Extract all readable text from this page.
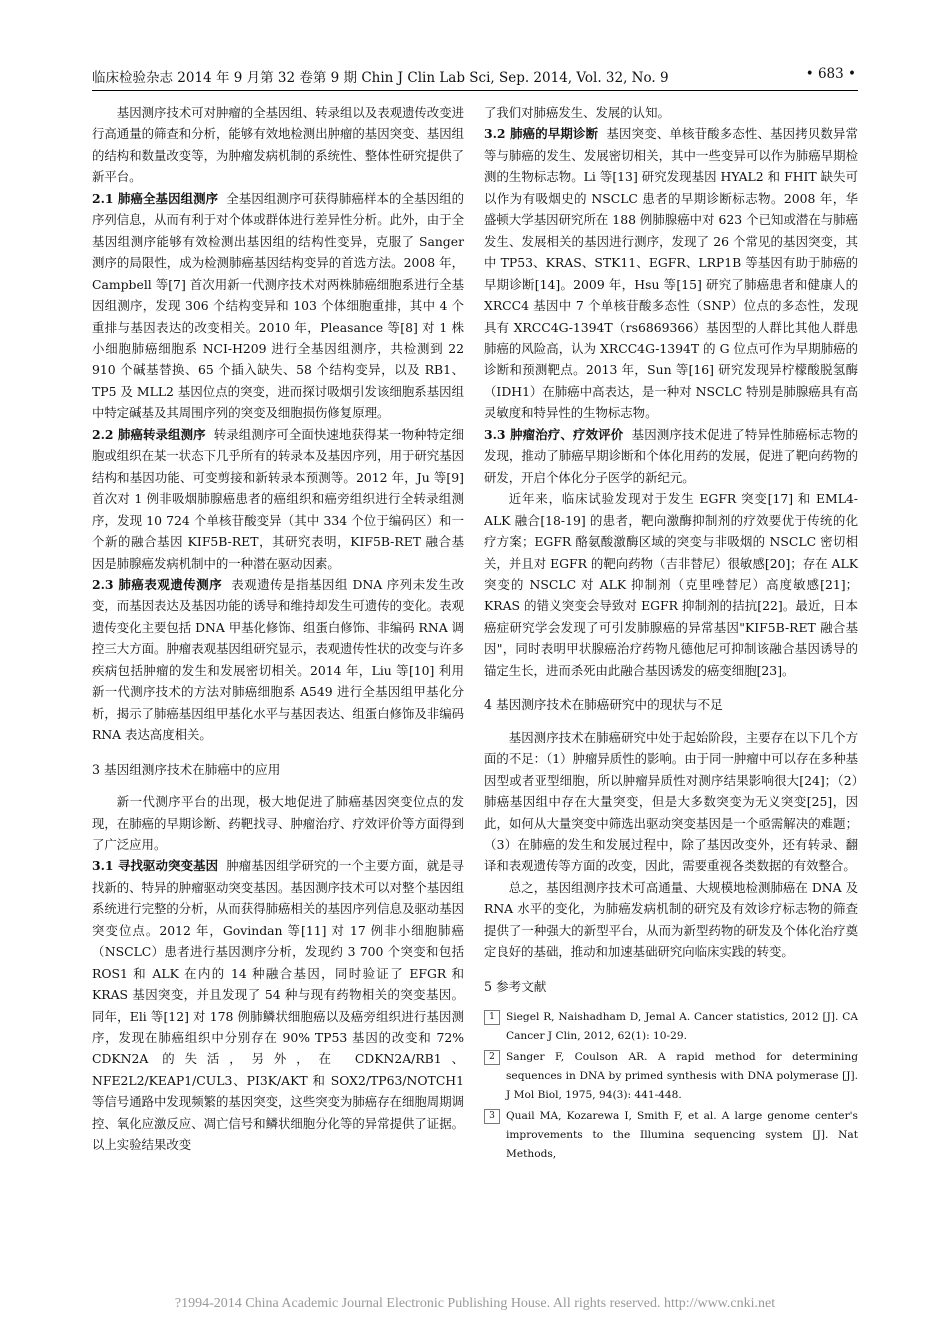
临床检验杂志 2014 年 9 月第 32 卷第 9 期 Chin J Clin Lab Sci, Sep. 2014, Vol. 32, No. 9	• 683 •

基因测序技术可对肿瘤的全基因组、转录组以及表观遗传改变进行高通量的筛查和分析，能够有效地检测出肿瘤的基因突变、基因组的结构和数量改变等，为肿瘤发病机制的系统性、整体性研究提供了新平台。

2.1 肺癌全基因组测序 全基因组测序可获得肺癌样本的全基因组的序列信息，从而有利于对个体或群体进行差异性分析。此外，由于全基因组测序能够有效检测出基因组的结构性变异，克服了 Sanger 测序的局限性，成为检测肺癌基因结构变异的首选方法。2008 年，Campbell 等[7] 首次用新一代测序技术对两株肺癌细胞系进行全基因组测序，发现 306 个结构变异和 103 个体细胞重排，其中 4 个重排与基因表达的改变相关。2010 年，Pleasance 等[8] 对 1 株小细胞肺癌细胞系 NCI-H209 进行全基因组测序，共检测到 22 910 个碱基替换、65 个插入缺失、58 个结构变异，以及 RB1、TP5 及 MLL2 基因位点的突变，进而探讨吸烟引发该细胞系基因组中特定碱基及其周围序列的突变及细胞损伤修复原理。

2.2 肺癌转录组测序 转录组测序可全面快速地获得某一物种特定细胞或组织在某一状态下几乎所有的转录本及基因序列，用于研究基因结构和基因功能、可变剪接和新转录本预测等。2012 年，Ju 等[9] 首次对 1 例非吸烟肺腺癌患者的癌组织和癌旁组织进行全转录组测序，发现 10 724 个单核苷酸变异（其中 334 个位于编码区）和一个新的融合基因 KIF5B-RET，其研究表明，KIF5B-RET 融合基因是肺腺癌发病机制中的一种潜在驱动因素。

2.3 肺癌表观遗传测序 表观遗传是指基因组 DNA 序列未发生改变，而基因表达及基因功能的诱导和维持却发生可遗传的变化。表观遗传变化主要包括 DNA 甲基化修饰、组蛋白修饰、非编码 RNA 调控三大方面。肿瘤表观基因组研究显示，表观遗传性状的改变与许多疾病包括肿瘤的发生和发展密切相关。2014 年，Liu 等[10] 利用新一代测序技术的方法对肺癌细胞系 A549 进行全基因组甲基化分析，揭示了肺癌基因组甲基化水平与基因表达、组蛋白修饰及非编码 RNA 表达高度相关。

3 基因组测序技术在肺癌中的应用

新一代测序平台的出现，极大地促进了肺癌基因突变位点的发现，在肺癌的早期诊断、药靶找寻、肿瘤治疗、疗效评价等方面得到了广泛应用。

3.1 寻找驱动突变基因 肿瘤基因组学研究的一个主要方面，就是寻找新的、特异的肿瘤驱动突变基因。基因测序技术可以对整个基因组系统进行完整的分析，从而获得肺癌相关的基因序列信息及驱动基因突变位点。2012 年，Govindan 等[11] 对 17 例非小细胞肺癌（NSCLC）患者进行基因测序分析，发现约 3 700 个突变和包括 ROS1 和 ALK 在内的 14 种融合基因，同时验证了 EFGR 和 KRAS 基因突变，并且发现了 54 种与现有药物相关的突变基因。同年，Eli 等[12] 对 178 例肺鳞状细胞癌以及癌旁组织进行基因测序，发现在肺癌组织中分别存在 90% TP53 基因的改变和 72% CDKN2A 的失活，另外，在 CDKN2A/RB1、NFE2L2/KEAP1/CUL3、PI3K/AKT 和 SOX2/TP63/NOTCH1 等信号通路中发现频繁的基因突变，这些突变为肺癌存在细胞周期调控、氧化应激反应、凋亡信号和鳞状细胞分化等的异常提供了证据。以上实验结果改变

了我们对肺癌发生、发展的认知。

3.2 肺癌的早期诊断 基因突变、单核苷酸多态性、基因拷贝数异常等与肺癌的发生、发展密切相关，其中一些变异可以作为肺癌早期检测的生物标志物。Li 等[13] 研究发现基因 HYAL2 和 FHIT 缺失可以作为有吸烟史的 NSCLC 患者的早期诊断标志物。2008 年，华盛顿大学基因研究所在 188 例肺腺癌中对 623 个已知或潜在与肺癌发生、发展相关的基因进行测序，发现了 26 个常见的基因突变，其中 TP53、KRAS、STK11、EGFR、LRP1B 等基因有助于肺癌的早期诊断[14]。2009 年，Hsu 等[15] 研究了肺癌患者和健康人的 XRCC4 基因中 7 个单核苷酸多态性（SNP）位点的多态性，发现具有 XRCC4G-1394T（rs6869366）基因型的人群比其他人群患肺癌的风险高，认为 XRCC4G-1394T 的 G 位点可作为早期肺癌的诊断和预测靶点。2013 年，Sun 等[16] 研究发现异柠檬酸脱氢酶（IDH1）在肺癌中高表达，是一种对 NSCLC 特别是肺腺癌具有高灵敏度和特异性的生物标志物。

3.3 肿瘤治疗、疗效评价 基因测序技术促进了特异性肺癌标志物的发现，推动了肺癌早期诊断和个体化用药的发展，促进了靶向药物的研发，开启个体化分子医学的新纪元。

近年来，临床试验发现对于发生 EGFR 突变[17] 和 EML4-ALK 融合[18-19] 的患者，靶向激酶抑制剂的疗效要优于传统的化疗方案；EGFR 酪氨酸激酶区域的突变与非吸烟的 NSCLC 密切相关，并且对 EGFR 的靶向药物（吉非替尼）很敏感[20]；存在 ALK 突变的 NSCLC 对 ALK 抑制剂（克里唑替尼）高度敏感[21]；KRAS 的错义突变会导致对 EGFR 抑制剂的拮抗[22]。最近，日本癌症研究学会发现了可引发肺腺癌的异常基因"KIF5B-RET 融合基因"，同时表明甲状腺癌治疗药物凡德他尼可抑制该融合基因诱导的锚定生长，进而杀死由此融合基因诱发的癌变细胞[23]。

4 基因测序技术在肺癌研究中的现状与不足

基因测序技术在肺癌研究中处于起始阶段，主要存在以下几个方面的不足：（1）肿瘤异质性的影响。由于同一肿瘤中可以存在多种基因型或者亚型细胞，所以肿瘤异质性对测序结果影响很大[24]；（2）肺癌基因组中存在大量突变，但是大多数突变为无义突变[25]，因此，如何从大量突变中筛选出驱动突变基因是一个亟需解决的难题；（3）在肺癌的发生和发展过程中，除了基因改变外，还有转录、翻译和表观遗传等方面的改变，因此，需要重视各类数据的有效整合。

总之，基因组测序技术可高通量、大规模地检测肺癌在 DNA 及 RNA 水平的变化，为肺癌发病机制的研究及有效诊疗标志物的筛查提供了一种强大的新型平台，从而为新型药物的研发及个体化治疗奠定良好的基础，推动和加速基础研究向临床实践的转变。

5 参考文献

1 Siegel R, Naishadham D, Jemal A. Cancer statistics, 2012 [J]. CA Cancer J Clin, 2012, 62(1): 10-29.

2 Sanger F, Coulson AR. A rapid method for determining sequences in DNA by primed synthesis with DNA polymerase [J]. J Mol Biol, 1975, 94(3): 441-448.

3 Quail MA, Kozarewa I, Smith F, et al. A large genome center's improvements to the Illumina sequencing system [J]. Nat Methods,

?1994-2014 China Academic Journal Electronic Publishing House. All rights reserved. http://www.cnki.net
